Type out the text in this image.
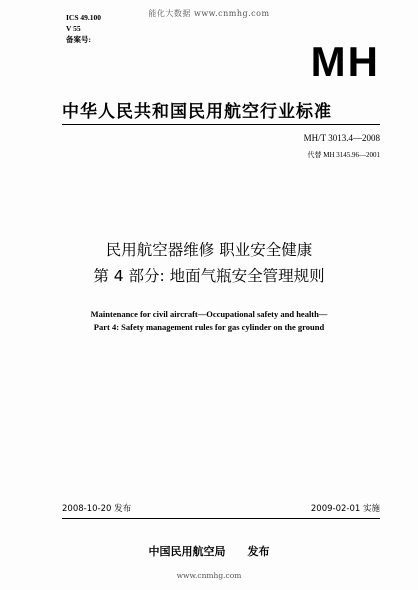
能化大数据 www.cnmhg.com
ICS 49.100
V 55
备案号:	MH
中华人民共和国民用航空行业标准
MH/T 3013.4—2008
代替 MH 3145.96—2001
民用航空器维修 职业安全健康
第 4 部分: 地面气瓶安全管理规则
Maintenance for civil aircraft—Occupational safety and health—
Part 4: Safety management rules for gas cylinder on the ground
2008-10-20 发布	2009-02-01 实施
中国民用航空局 发布
www.cnmhg.com
